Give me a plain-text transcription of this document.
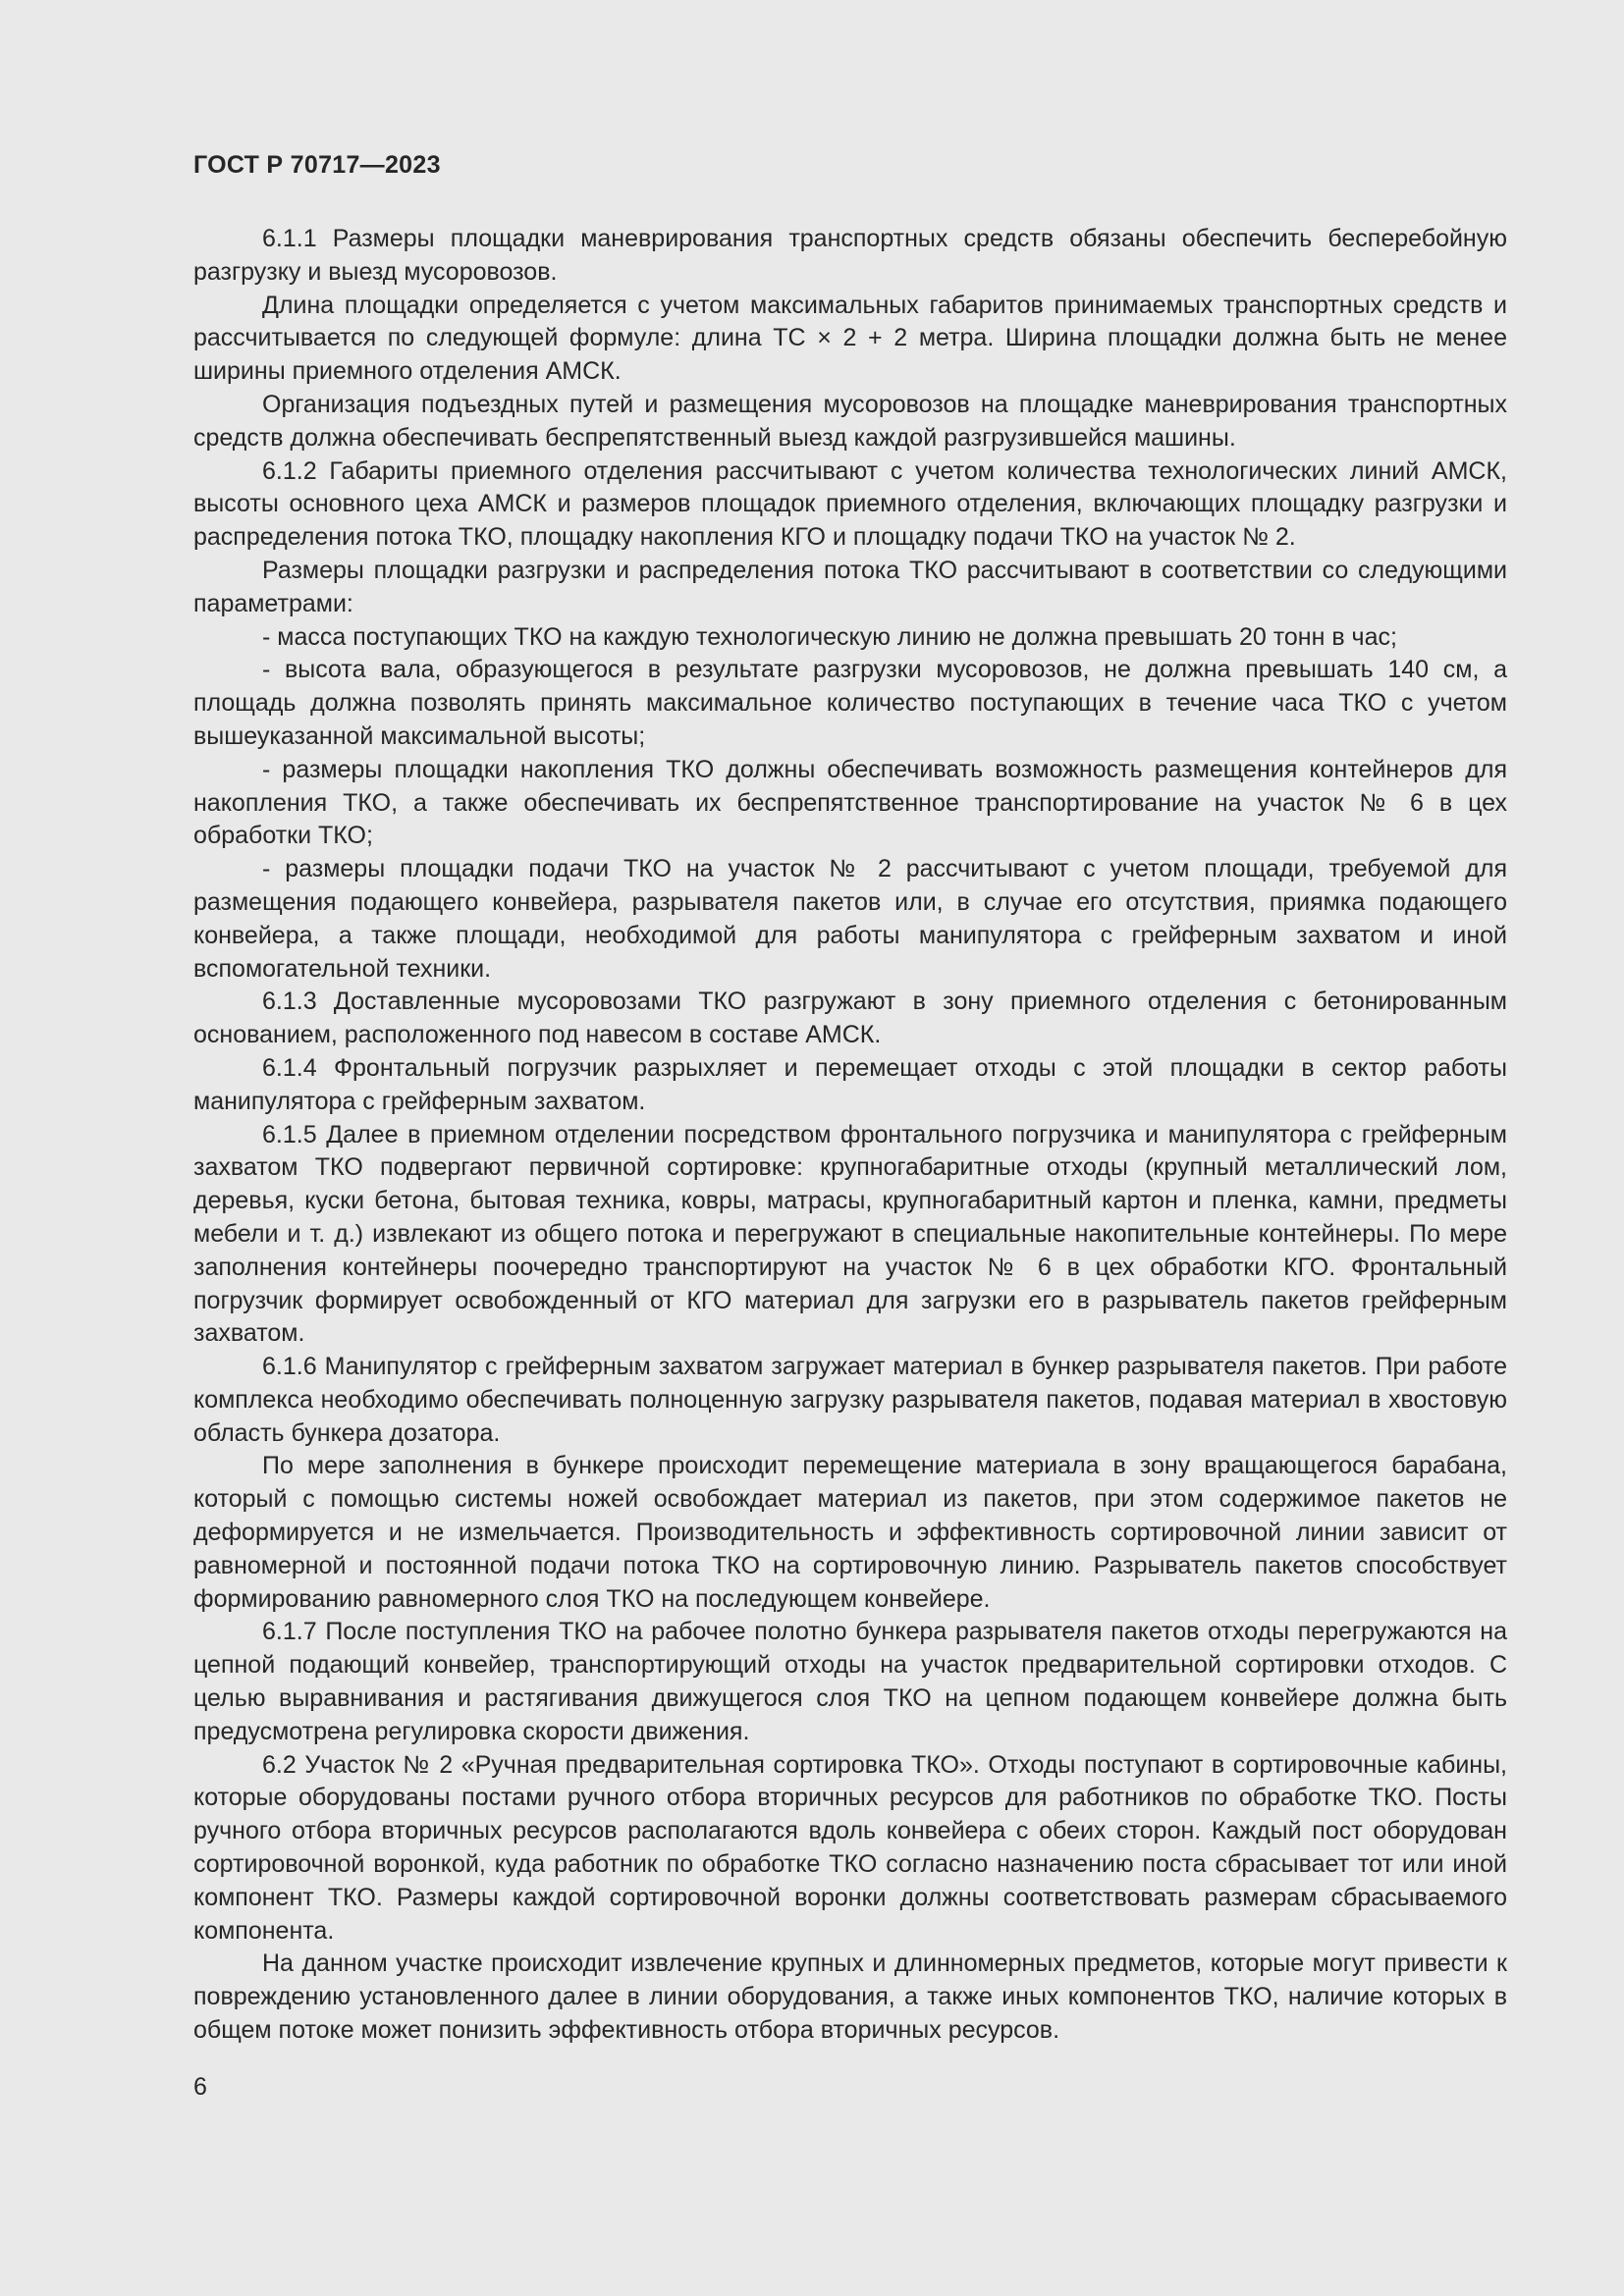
ГОСТ Р 70717—2023

6.1.1 Размеры площадки маневрирования транспортных средств обязаны обеспечить бесперебойную разгрузку и выезд мусоровозов.

Длина площадки определяется с учетом максимальных габаритов принимаемых транспортных средств и рассчитывается по следующей формуле: длина ТС × 2 + 2 метра. Ширина площадки должна быть не менее ширины приемного отделения АМСК.

Организация подъездных путей и размещения мусоровозов на площадке маневрирования транспортных средств должна обеспечивать беспрепятственный выезд каждой разгрузившейся машины.

6.1.2 Габариты приемного отделения рассчитывают с учетом количества технологических линий АМСК, высоты основного цеха АМСК и размеров площадок приемного отделения, включающих площадку разгрузки и распределения потока ТКО, площадку накопления КГО и площадку подачи ТКО на участок № 2.

Размеры площадки разгрузки и распределения потока ТКО рассчитывают в соответствии со следующими параметрами:

- масса поступающих ТКО на каждую технологическую линию не должна превышать 20 тонн в час;

- высота вала, образующегося в результате разгрузки мусоровозов, не должна превышать 140 см, а площадь должна позволять принять максимальное количество поступающих в течение часа ТКО с учетом вышеуказанной максимальной высоты;

- размеры площадки накопления ТКО должны обеспечивать возможность размещения контейнеров для накопления ТКО, а также обеспечивать их беспрепятственное транспортирование на участок № 6 в цех обработки ТКО;

- размеры площадки подачи ТКО на участок № 2 рассчитывают с учетом площади, требуемой для размещения подающего конвейера, разрывателя пакетов или, в случае его отсутствия, приямка подающего конвейера, а также площади, необходимой для работы манипулятора с грейферным захватом и иной вспомогательной техники.

6.1.3 Доставленные мусоровозами ТКО разгружают в зону приемного отделения с бетонированным основанием, расположенного под навесом в составе АМСК.

6.1.4 Фронтальный погрузчик разрыхляет и перемещает отходы с этой площадки в сектор работы манипулятора с грейферным захватом.

6.1.5 Далее в приемном отделении посредством фронтального погрузчика и манипулятора с грейферным захватом ТКО подвергают первичной сортировке: крупногабаритные отходы (крупный металлический лом, деревья, куски бетона, бытовая техника, ковры, матрасы, крупногабаритный картон и пленка, камни, предметы мебели и т. д.) извлекают из общего потока и перегружают в специальные накопительные контейнеры. По мере заполнения контейнеры поочередно транспортируют на участок № 6 в цех обработки КГО. Фронтальный погрузчик формирует освобожденный от КГО материал для загрузки его в разрыватель пакетов грейферным захватом.

6.1.6 Манипулятор с грейферным захватом загружает материал в бункер разрывателя пакетов. При работе комплекса необходимо обеспечивать полноценную загрузку разрывателя пакетов, подавая материал в хвостовую область бункера дозатора.

По мере заполнения в бункере происходит перемещение материала в зону вращающегося барабана, который с помощью системы ножей освобождает материал из пакетов, при этом содержимое пакетов не деформируется и не измельчается. Производительность и эффективность сортировочной линии зависит от равномерной и постоянной подачи потока ТКО на сортировочную линию. Разрыватель пакетов способствует формированию равномерного слоя ТКО на последующем конвейере.

6.1.7 После поступления ТКО на рабочее полотно бункера разрывателя пакетов отходы перегружаются на цепной подающий конвейер, транспортирующий отходы на участок предварительной сортировки отходов. С целью выравнивания и растягивания движущегося слоя ТКО на цепном подающем конвейере должна быть предусмотрена регулировка скорости движения.

6.2 Участок № 2 «Ручная предварительная сортировка ТКО». Отходы поступают в сортировочные кабины, которые оборудованы постами ручного отбора вторичных ресурсов для работников по обработке ТКО. Посты ручного отбора вторичных ресурсов располагаются вдоль конвейера с обеих сторон. Каждый пост оборудован сортировочной воронкой, куда работник по обработке ТКО согласно назначению поста сбрасывает тот или иной компонент ТКО. Размеры каждой сортировочной воронки должны соответствовать размерам сбрасываемого компонента.

На данном участке происходит извлечение крупных и длинномерных предметов, которые могут привести к повреждению установленного далее в линии оборудования, а также иных компонентов ТКО, наличие которых в общем потоке может понизить эффективность отбора вторичных ресурсов.

6
